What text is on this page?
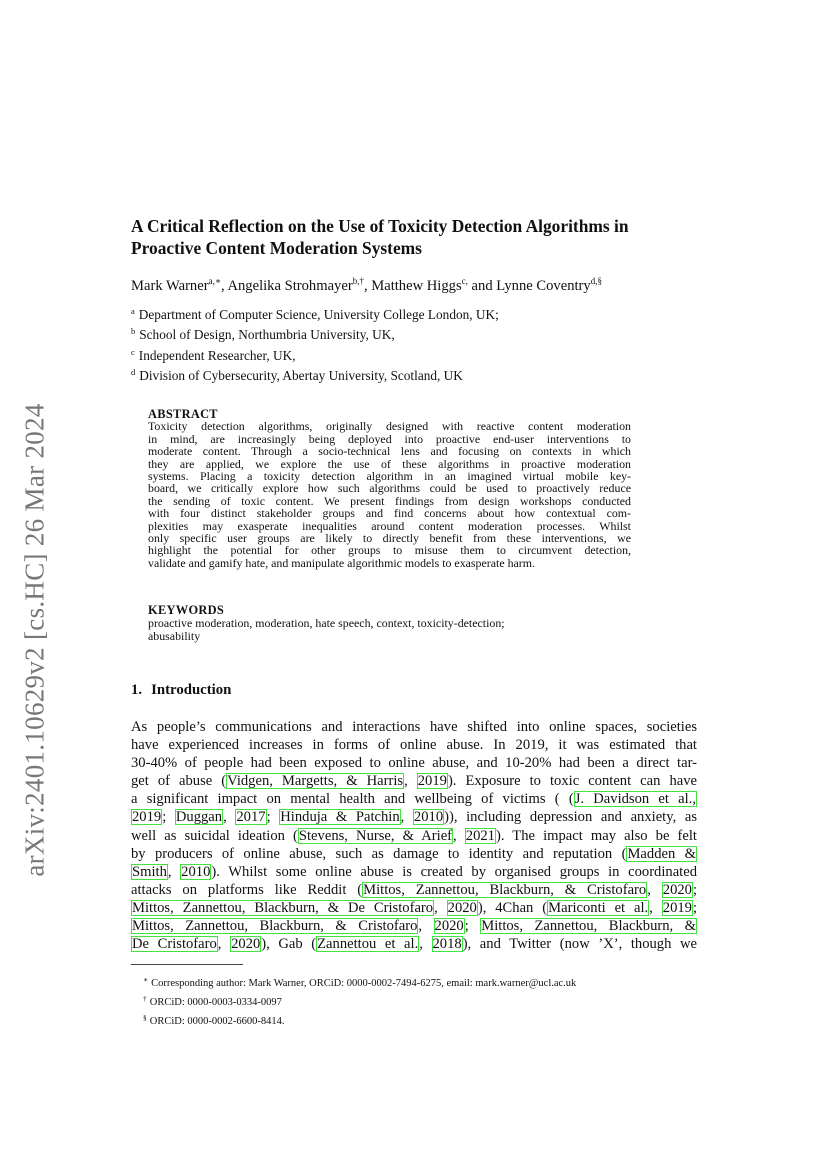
arXiv:2401.10629v2 [cs.HC] 26 Mar 2024
A Critical Reflection on the Use of Toxicity Detection Algorithms in
Proactive Content Moderation Systems
Mark Warner$^{a,∗}$, Angelika Strohmayer$^{b,\dagger}$, Matthew Higgs$^{c,}$ and Lynne Coventry$^{d,\S}$
$^a$ Department of Computer Science, University College London, UK;
$^b$ School of Design, Northumbria University, UK,
$^c$ Independent Researcher, UK,
$^d$ Division of Cybersecurity, Abertay University, Scotland, UK
ABSTRACT
Toxicity detection algorithms, originally designed with reactive content moderation
in mind, are increasingly being deployed into proactive end-user interventions to
moderate content. Through a socio-technical lens and focusing on contexts in which
they are applied, we explore the use of these algorithms in proactive moderation
systems. Placing a toxicity detection algorithm in an imagined virtual mobile key-
board, we critically explore how such algorithms could be used to proactively reduce
the sending of toxic content. We present findings from design workshops conducted
with four distinct stakeholder groups and find concerns about how contextual com-
plexities may exasperate inequalities around content moderation processes. Whilst
only specific user groups are likely to directly benefit from these interventions, we
highlight the potential for other groups to misuse them to circumvent detection,
validate and gamify hate, and manipulate algorithmic models to exasperate harm.
KEYWORDS
proactive moderation, moderation, hate speech, context, toxicity-detection;
abusability
1. Introduction
As people’s communications and interactions have shifted into online spaces, societies
have experienced increases in forms of online abuse. In 2019, it was estimated that
30-40% of people had been exposed to online abuse, and 10-20% had been a direct tar-
get of abuse (Vidgen, Margetts, & Harris, 2019). Exposure to toxic content can have
a significant impact on mental health and wellbeing of victims ( (J. Davidson et al.,
2019; Duggan, 2017; Hinduja & Patchin, 2010)), including depression and anxiety, as
well as suicidal ideation (Stevens, Nurse, & Arief, 2021). The impact may also be felt
by producers of online abuse, such as damage to identity and reputation (Madden &
Smith, 2010). Whilst some online abuse is created by organised groups in coordinated
attacks on platforms like Reddit (Mittos, Zannettou, Blackburn, & Cristofaro, 2020;
Mittos, Zannettou, Blackburn, & De Cristofaro, 2020), 4Chan (Mariconti et al., 2019;
Mittos, Zannettou, Blackburn, & Cristofaro, 2020; Mittos, Zannettou, Blackburn, &
De Cristofaro, 2020), Gab (Zannettou et al., 2018), and Twitter (now ’X’, though we
∗ Corresponding author: Mark Warner, ORCiD: 0000-0002-7494-6275, email: mark.warner@ucl.ac.uk
† ORCiD: 0000-0003-0334-0097
§ ORCiD: 0000-0002-6600-8414.
